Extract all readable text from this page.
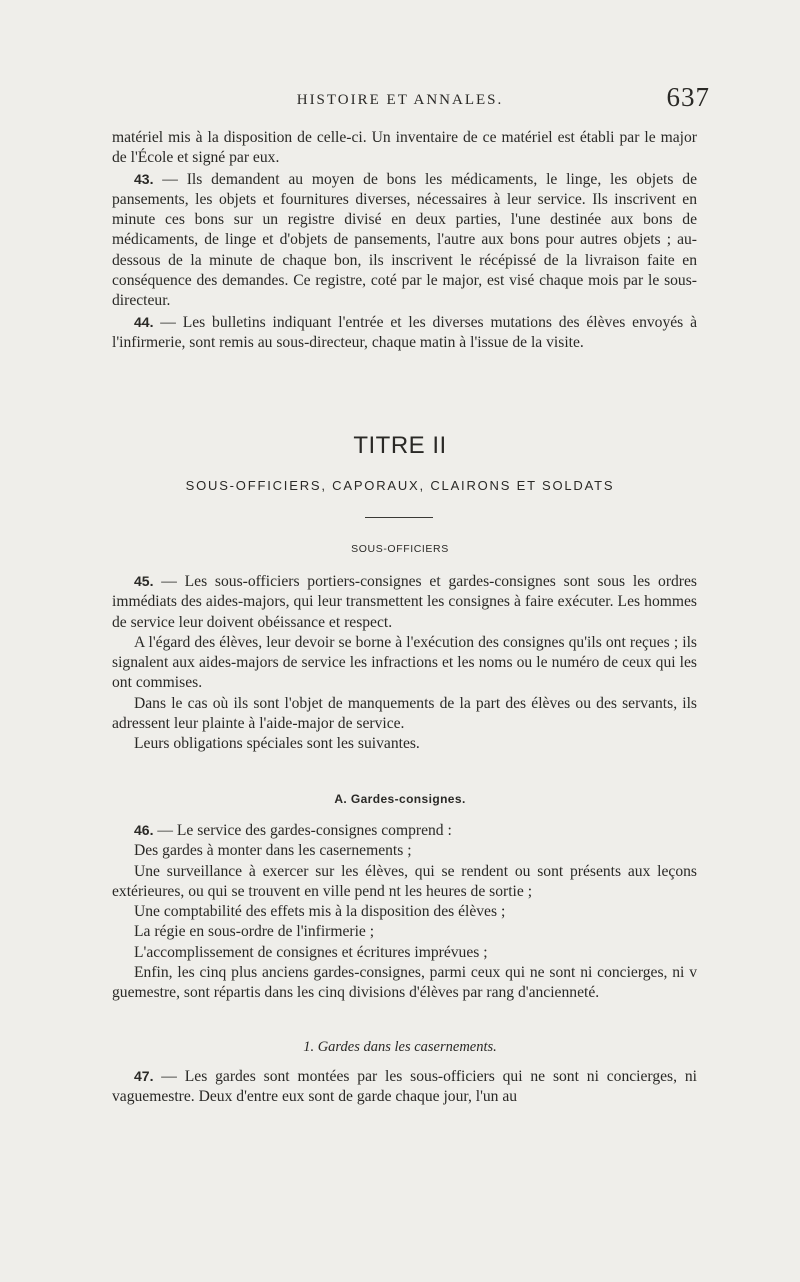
HISTOIRE ET ANNALES.	637

matériel mis à la disposition de celle-ci. Un inventaire de ce matériel est établi par le major de l'École et signé par eux.

43. — Ils demandent au moyen de bons les médicaments, le linge, les objets de pansements, les objets et fournitures diverses, nécessaires à leur service. Ils inscrivent en minute ces bons sur un registre divisé en deux parties, l'une destinée aux bons de médicaments, de linge et d'objets de pansements, l'autre aux bons pour autres objets ; au-dessous de la minute de chaque bon, ils inscrivent le récépissé de la livraison faite en conséquence des demandes. Ce registre, coté par le major, est visé chaque mois par le sous-directeur.

44. — Les bulletins indiquant l'entrée et les diverses mutations des élèves envoyés à l'infirmerie, sont remis au sous-directeur, chaque matin à l'issue de la visite.

TITRE II
SOUS-OFFICIERS, CAPORAUX, CLAIRONS ET SOLDATS
SOUS-OFFICIERS

45. — Les sous-officiers portiers-consignes et gardes-consignes sont sous les ordres immédiats des aides-majors, qui leur transmettent les consignes à faire exécuter. Les hommes de service leur doivent obéissance et respect.

A l'égard des élèves, leur devoir se borne à l'exécution des consignes qu'ils ont reçues ; ils signalent aux aides-majors de service les infractions et les noms ou le numéro de ceux qui les ont commises.

Dans le cas où ils sont l'objet de manquements de la part des élèves ou des servants, ils adressent leur plainte à l'aide-major de service.

Leurs obligations spéciales sont les suivantes.

A. Gardes-consignes.

46. — Le service des gardes-consignes comprend :

Des gardes à monter dans les casernements ;

Une surveillance à exercer sur les élèves, qui se rendent ou sont présents aux leçons extérieures, ou qui se trouvent en ville pend nt les heures de sortie ;

Une comptabilité des effets mis à la disposition des élèves ;

La régie en sous-ordre de l'infirmerie ;

L'accomplissement de consignes et écritures imprévues ;

Enfin, les cinq plus anciens gardes-consignes, parmi ceux qui ne sont ni concierges, ni v guemestre, sont répartis dans les cinq divisions d'élèves par rang d'ancienneté.

1. Gardes dans les casernements.

47. — Les gardes sont montées par les sous-officiers qui ne sont ni concierges, ni vaguemestre. Deux d'entre eux sont de garde chaque jour, l'un au
